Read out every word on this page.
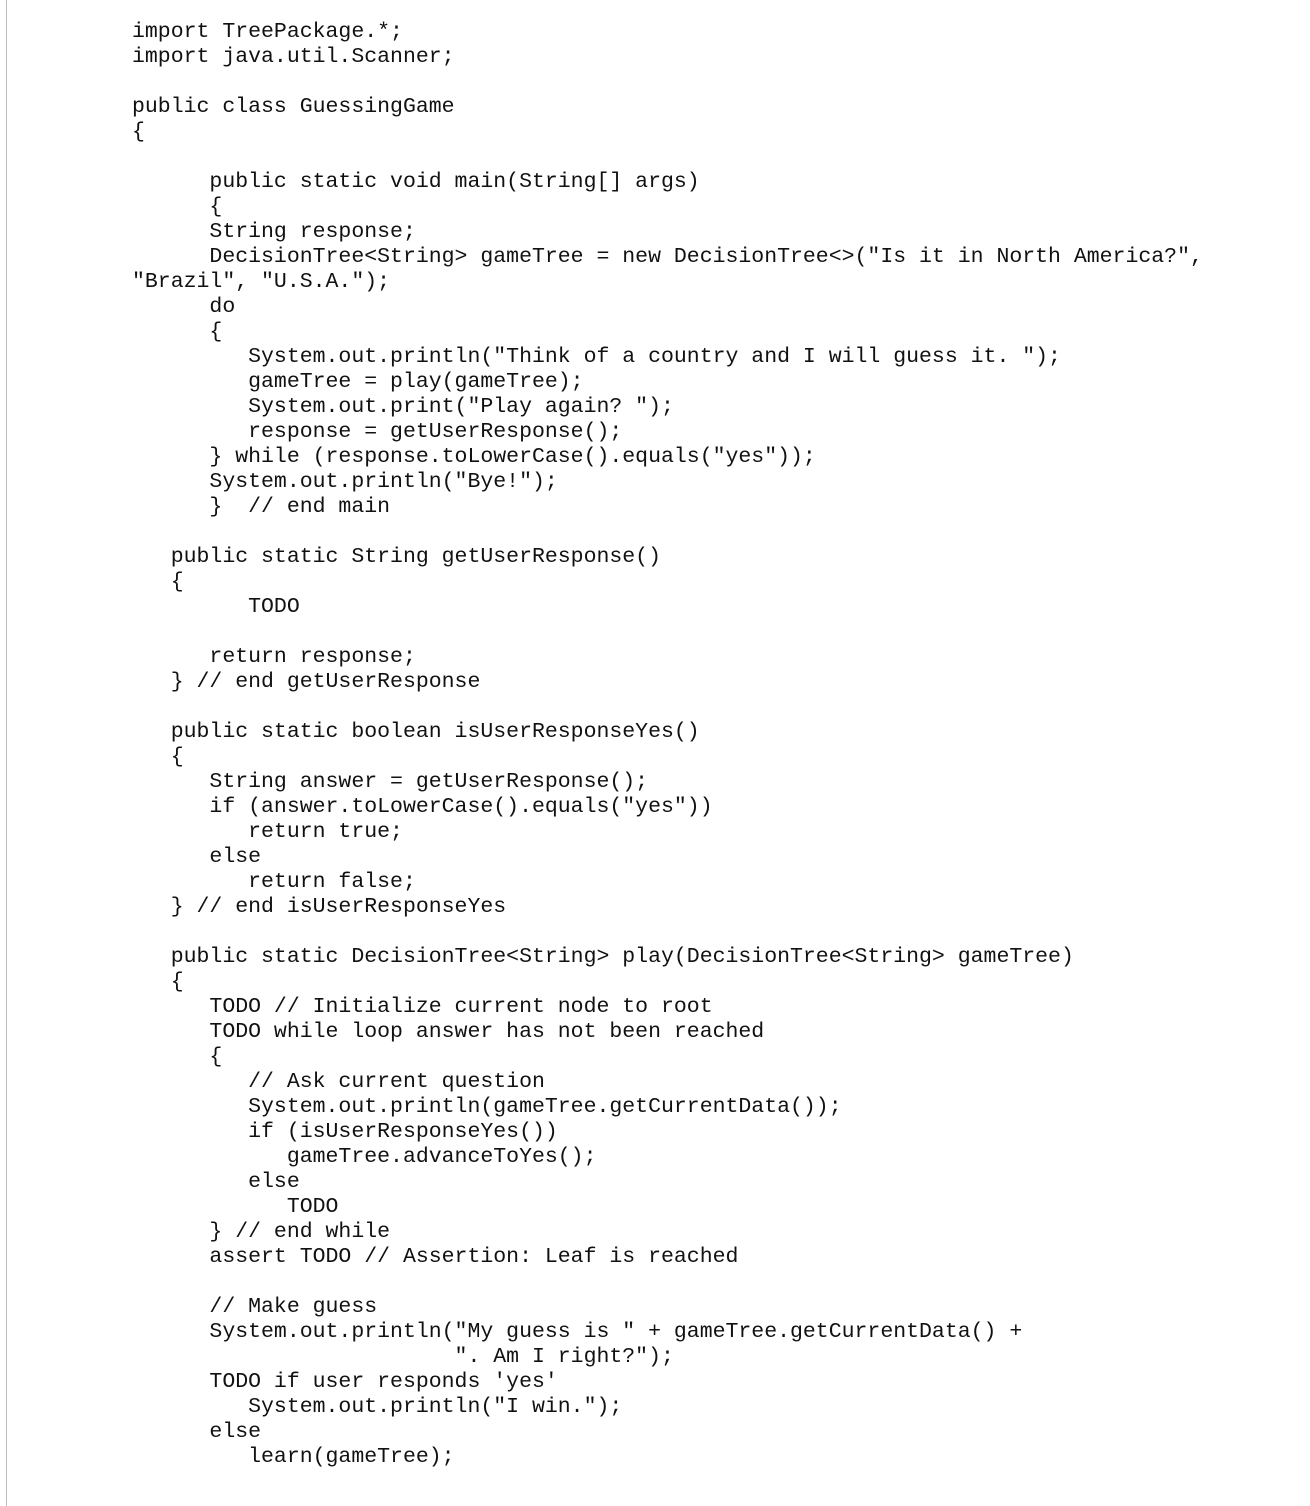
import TreePackage.*;
import java.util.Scanner;
public class GuessingGame
{
public static void main(String[] args)
{
String response;
DecisionTree<String> gameTree = new DecisionTree<>("Is it in North America?",
"Brazil", "U.S.A.");
do
{
System.out.println("Think of a country and I will guess it. ");
gameTree = play(gameTree);
System.out.print("Play again? ");
response = getUserResponse();
} while (response.toLowerCase().equals("yes"));
System.out.println("Bye!");
}  // end main
public static String getUserResponse()
{
TODO
return response;
} // end getUserResponse
public static boolean isUserResponseYes()
{
String answer = getUserResponse();
if (answer.toLowerCase().equals("yes"))
return true;
else
return false;
} // end isUserResponseYes
public static DecisionTree<String> play(DecisionTree<String> gameTree)
{
TODO // Initialize current node to root
TODO while loop answer has not been reached
{
// Ask current question
System.out.println(gameTree.getCurrentData());
if (isUserResponseYes())
gameTree.advanceToYes();
else
TODO
} // end while
assert TODO // Assertion: Leaf is reached
// Make guess
System.out.println("My guess is " + gameTree.getCurrentData() +
". Am I right?");
TODO if user responds 'yes'
System.out.println("I win.");
else
learn(gameTree);
